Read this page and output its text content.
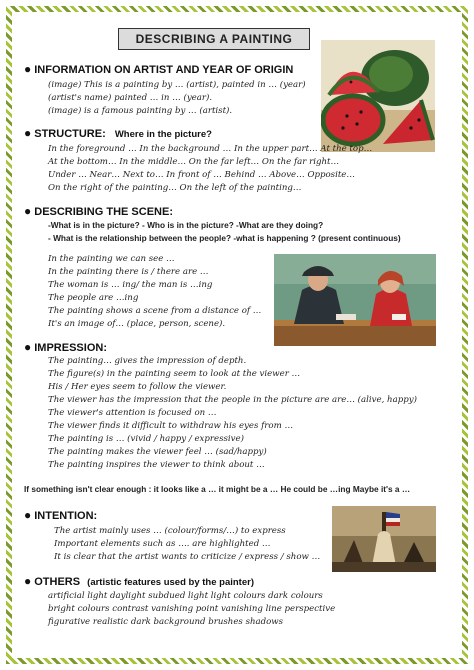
DESCRIBING A PAINTING
● INFORMATION ON ARTIST AND YEAR OF ORIGIN
(image) This is a painting by … (artist), painted in … (year)
(artist's name) painted … in … (year).
(image) is a famous painting by … (artist).
● STRUCTURE: Where in the picture?
In the foreground … In the background … In the upper part… At the top…
At the bottom… In the middle… On the far left… On the far right…
Under … Near… Next to… In front of … Behind … Above… Opposite…
On the right of the painting… On the left of the painting…
● DESCRIBING THE SCENE:
-What is in the picture? - Who is in the picture? -What are they doing?
- What is the relationship between the people? -what is happening ? (present continuous)
In the painting we can see …
In the painting there is / there are …
The woman is … ing/ the man is …ing
The people are …ing
The painting shows a scene from a distance of …
It's an image of… (place, person, scene).
● IMPRESSION:
The painting… gives the impression of depth.
The figure(s) in the painting seem to look at the viewer …
His / Her eyes seem to follow the viewer.
The viewer has the impression that the people in the picture are are… (alive, happy)
The viewer's attention is focused on …
The viewer finds it difficult to withdraw his eyes from …
The painting is … (vivid / happy / expressive)
The painting makes the viewer feel … (sad/happy)
The painting inspires the viewer to think about …
If something isn't clear enough : it looks like a … it might be a … He could be …ing Maybe it's a …
● INTENTION:
The artist mainly uses … (colour/forms/…) to express
Important elements such as …. are highlighted …
It is clear that the artist wants to criticize / express / show …
● OTHERS (artistic features used by the painter)
artificial light daylight subdued light light colours dark colours
bright colours contrast vanishing point vanishing line perspective
figurative realistic dark background brushes shadows
